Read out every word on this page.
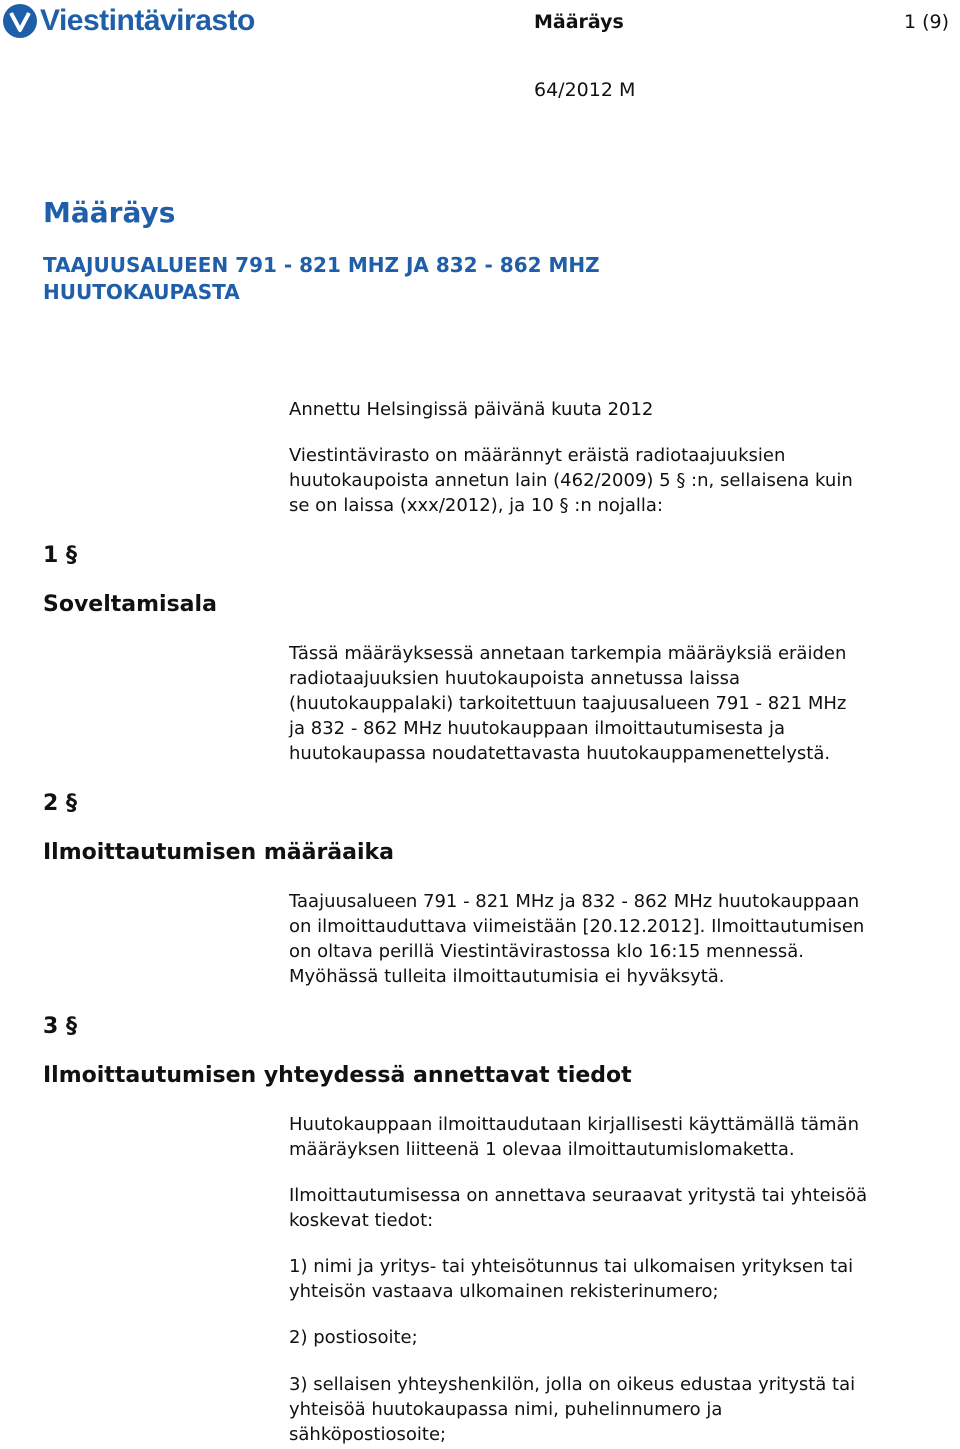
Viestintävirasto	Määräys	1 (9)
64/2012 M
Määräys
TAAJUUSALUEEN 791 - 821 MHZ JA 832 - 862 MHZ
HUUTOKAUPASTA
Annettu Helsingissä päivänä kuuta 2012
Viestintävirasto on määrännyt eräistä radiotaajuuksien
huutokaupoista annetun lain (462/2009) 5 § :n, sellaisena kuin
se on laissa (xxx/2012), ja 10 § :n nojalla:
1 §
Soveltamisala
Tässä määräyksessä annetaan tarkempia määräyksiä eräiden
radiotaajuuksien huutokaupoista annetussa laissa
(huutokauppalaki) tarkoitettuun taajuusalueen 791 - 821 MHz
ja 832 - 862 MHz huutokauppaan ilmoittautumisesta ja
huutokaupassa noudatettavasta huutokauppamenettelystä.
2 §
Ilmoittautumisen määräaika
Taajuusalueen 791 - 821 MHz ja 832 - 862 MHz huutokauppaan
on ilmoittauduttava viimeistään [20.12.2012]. Ilmoittautumisen
on oltava perillä Viestintävirastossa klo 16:15 mennessä.
Myöhässä tulleita ilmoittautumisia ei hyväksytä.
3 §
Ilmoittautumisen yhteydessä annettavat tiedot
Huutokauppaan ilmoittaudutaan kirjallisesti käyttämällä tämän
määräyksen liitteenä 1 olevaa ilmoittautumislomaketta.
Ilmoittautumisessa on annettava seuraavat yritystä tai yhteisöä
koskevat tiedot:
1) nimi ja yritys- tai yhteisötunnus tai ulkomaisen yrityksen tai
yhteisön vastaava ulkomainen rekisterinumero;
2) postiosoite;
3) sellaisen yhteyshenkilön, jolla on oikeus edustaa yritystä tai
yhteisöä huutokaupassa nimi, puhelinnumero ja
sähköpostiosoite;
